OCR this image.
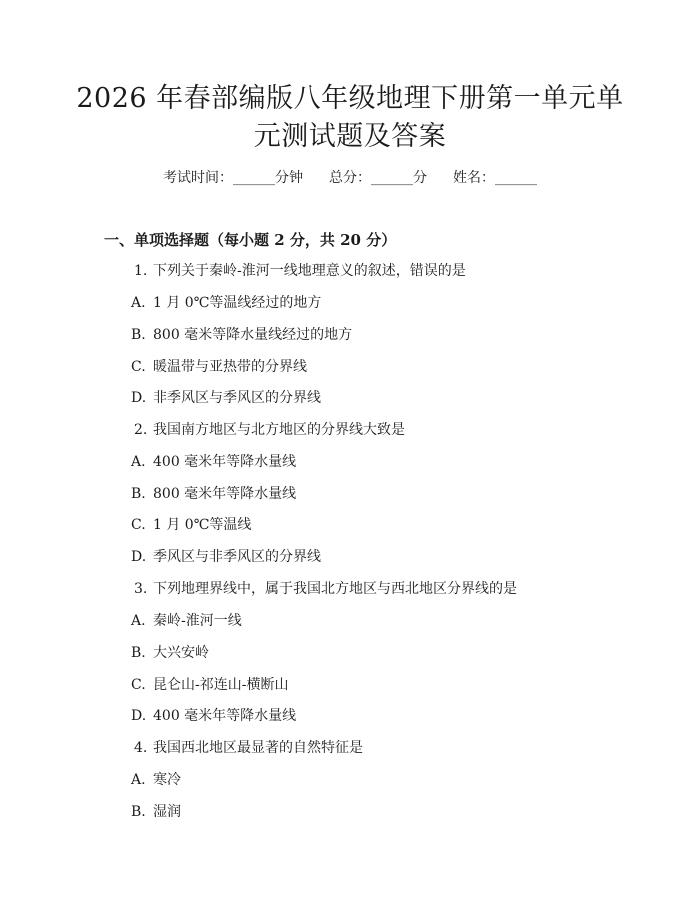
2026 年春部编版八年级地理下册第一单元单
元测试题及答案
考试时间：______分钟 总分：______分 姓名：______
一、单项选择题（每小题 2 分，共 20 分）
1. 下列关于秦岭-淮河一线地理意义的叙述，错误的是
A. 1 月 0℃等温线经过的地方
B. 800 毫米等降水量线经过的地方
C. 暖温带与亚热带的分界线
D. 非季风区与季风区的分界线
2. 我国南方地区与北方地区的分界线大致是
A. 400 毫米年等降水量线
B. 800 毫米年等降水量线
C. 1 月 0℃等温线
D. 季风区与非季风区的分界线
3. 下列地理界线中，属于我国北方地区与西北地区分界线的是
A. 秦岭-淮河一线
B. 大兴安岭
C. 昆仑山-祁连山-横断山
D. 400 毫米年等降水量线
4. 我国西北地区最显著的自然特征是
A. 寒冷
B. 湿润
